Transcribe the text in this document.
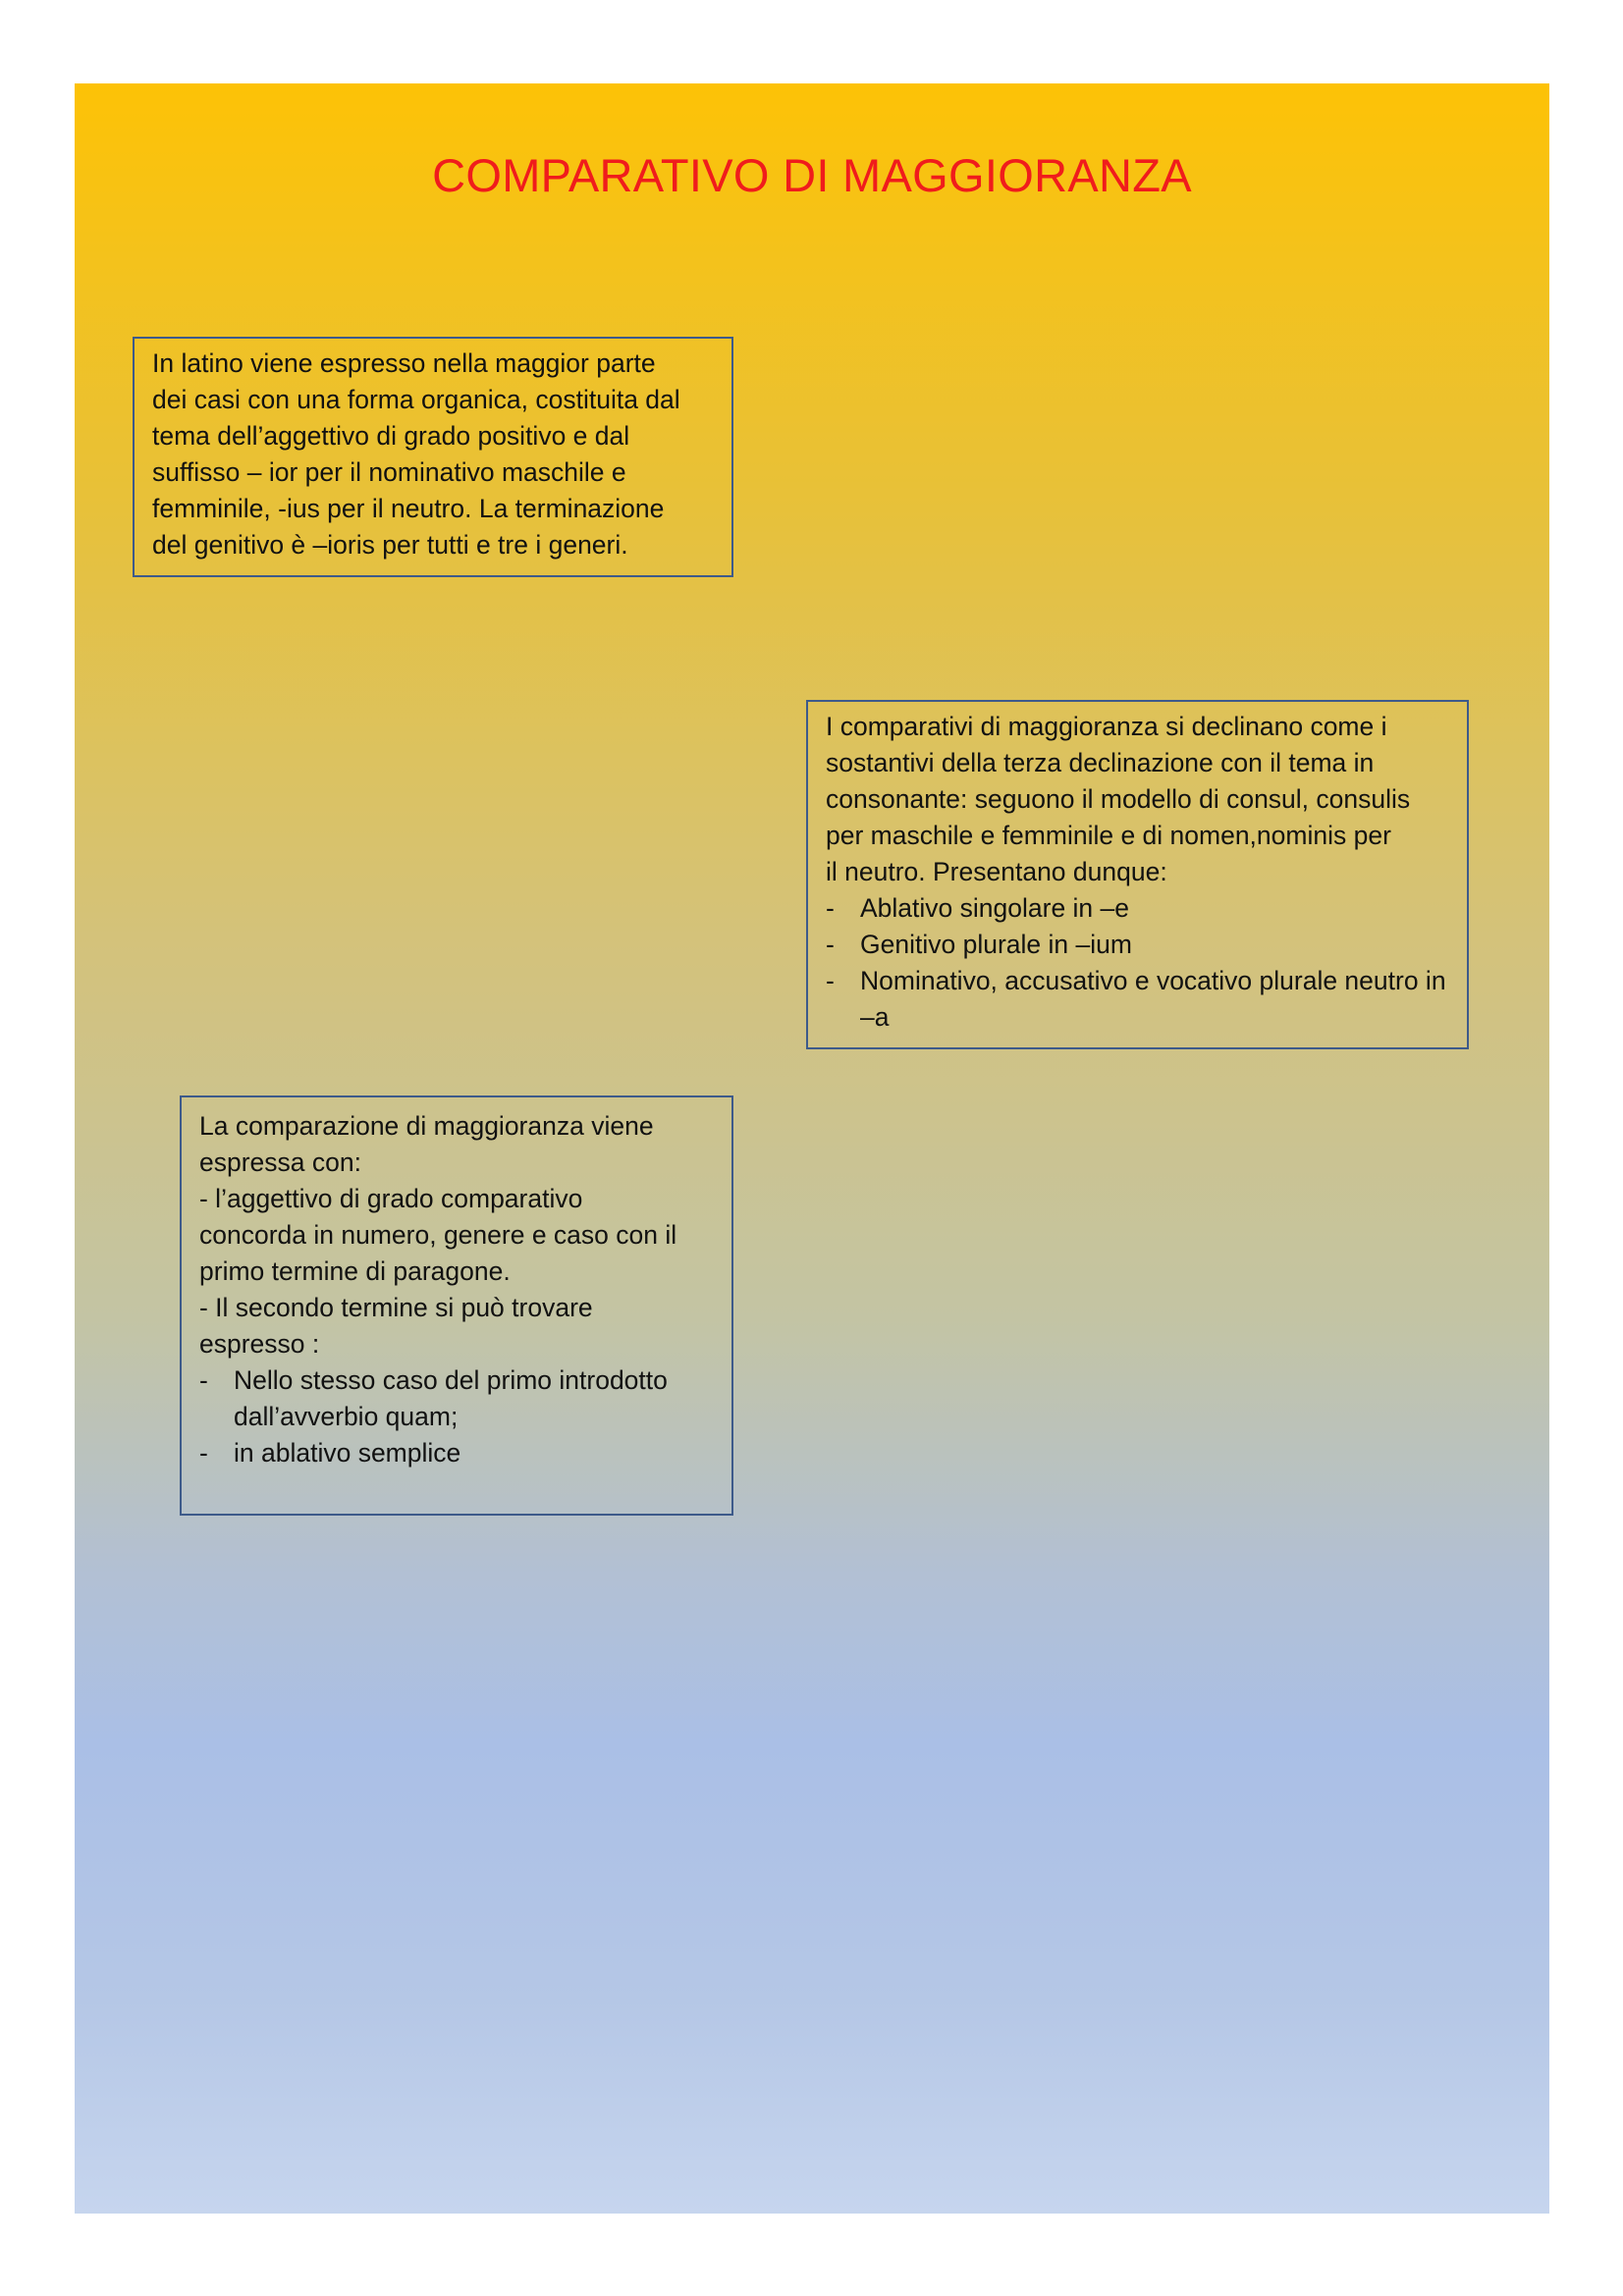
COMPARATIVO DI MAGGIORANZA

In latino viene espresso nella maggior parte

dei casi con una forma organica, costituita dal

tema dell’aggettivo di grado positivo e dal

suffisso – ior per il nominativo maschile e

femminile, -ius per il neutro. La terminazione

del genitivo è –ioris per tutti e tre i generi.

I comparativi di maggioranza si declinano come i

sostantivi della terza declinazione con il tema in

consonante: seguono il modello di consul, consulis

per maschile e femminile e di nomen,nominis per

il neutro. Presentano dunque:

- Ablativo singolare in –e
- Genitivo plurale in –ium
- Nominativo, accusativo e vocativo plurale neutro in –a

La comparazione di maggioranza viene

espressa con:

- l’aggettivo di grado comparativo

concorda in numero, genere e caso con il

primo termine di paragone.

- Il secondo termine si può trovare

espresso :

- Nello stesso caso del primo introdotto dall’avverbio quam;
- in ablativo semplice
